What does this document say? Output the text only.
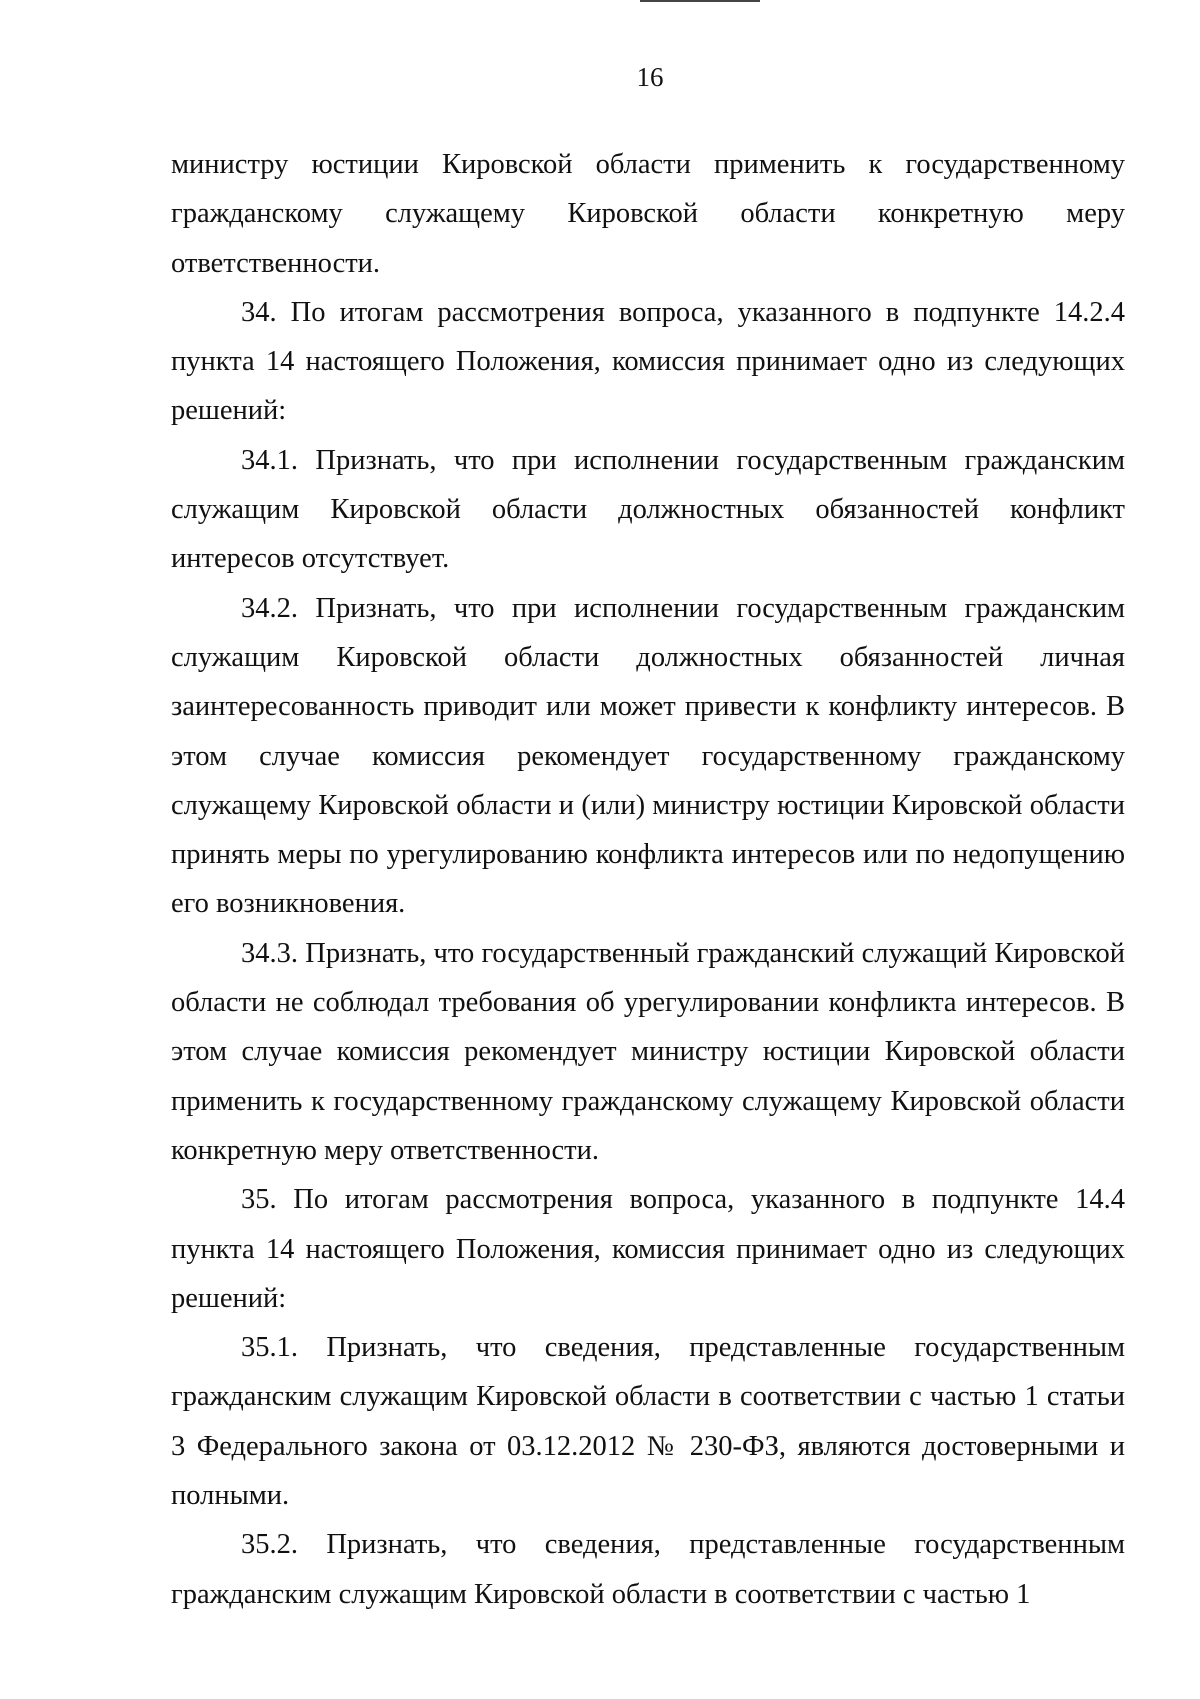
16

министру юстиции Кировской области применить к государственному гражданскому служащему Кировской области конкретную меру ответственности.

34. По итогам рассмотрения вопроса, указанного в подпункте 14.2.4 пункта 14 настоящего Положения, комиссия принимает одно из следующих решений:

34.1. Признать, что при исполнении государственным гражданским служащим Кировской области должностных обязанностей конфликт интересов отсутствует.

34.2. Признать, что при исполнении государственным гражданским служащим Кировской области должностных обязанностей личная заинтересованность приводит или может привести к конфликту интересов. В этом случае комиссия рекомендует государственному гражданскому служащему Кировской области и (или) министру юстиции Кировской области принять меры по урегулированию конфликта интересов или по недопущению его возникновения.

34.3. Признать, что государственный гражданский служащий Кировской области не соблюдал требования об урегулировании конфликта интересов. В этом случае комиссия рекомендует министру юстиции Кировской области применить к государственному гражданскому служащему Кировской области конкретную меру ответственности.

35. По итогам рассмотрения вопроса, указанного в подпункте 14.4 пункта 14 настоящего Положения, комиссия принимает одно из следующих решений:

35.1. Признать, что сведения, представленные государственным гражданским служащим Кировской области в соответствии с частью 1 статьи 3 Федерального закона от 03.12.2012 № 230-ФЗ, являются достоверными и полными.

35.2. Признать, что сведения, представленные государственным гражданским служащим Кировской области в соответствии с частью 1
